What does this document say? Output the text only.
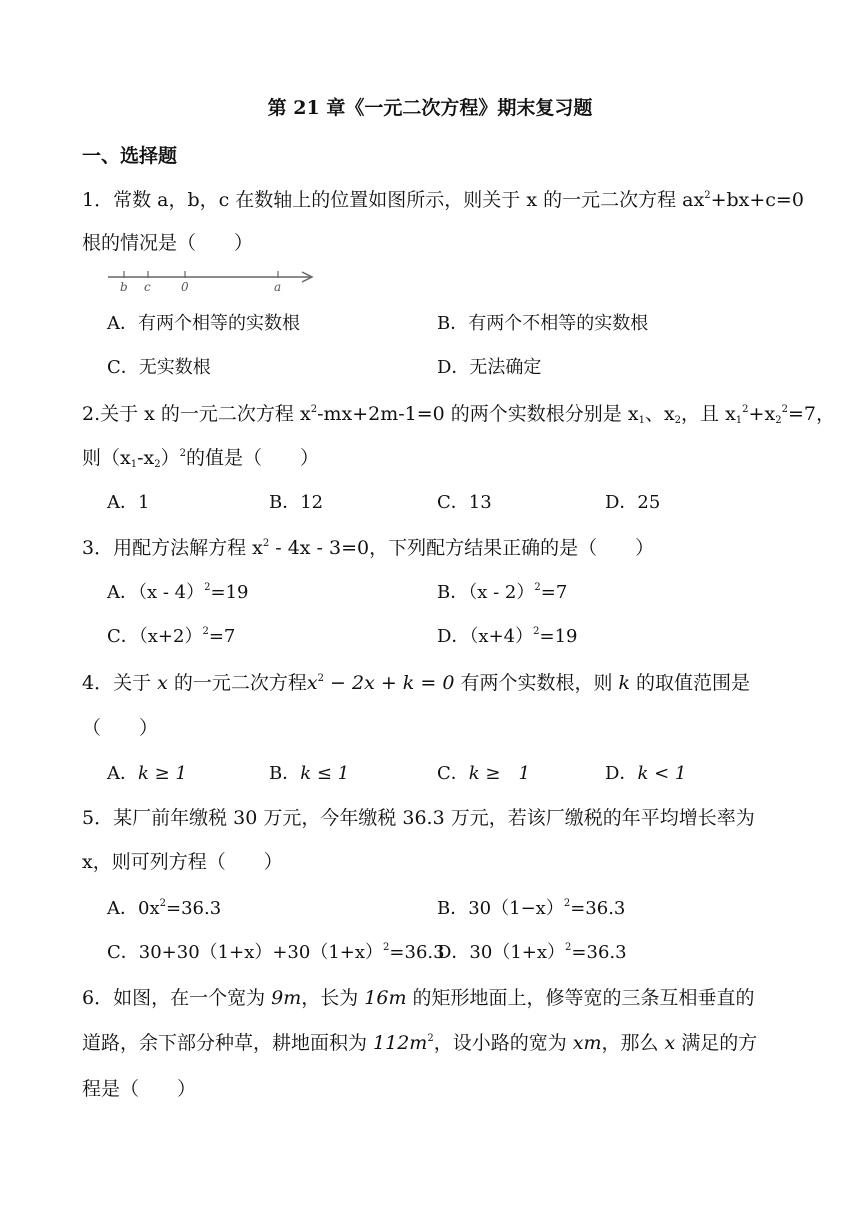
第 21 章《一元二次方程》期末复习题
一、选择题
1．常数 a，b，c 在数轴上的位置如图所示，则关于 x 的一元二次方程 $ax^2+bx+c=0$
根的情况是（　　）
b c	0	a
A．有两个相等的实数根	B．有两个不相等的实数根
C．无实数根	D．无法确定
2.关于 x 的一元二次方程 $x^2-mx+2m-1=0$ 的两个实数根分别是 $x_1$、$x_2$，且 $x_1^2+x_2^2=7$，
则$(x_1-x_2)^2$的值是（　　）
A．1	B．12	C．13	D．25
3．用配方法解方程 $x^2 - 4x - 3=0$，下列配方结果正确的是（　　）
A．（x - 4）$^2$=19	B．（x - 2）$^2$=7
C．$(x+2)^2=7$	D．$(x+4)^2=19$
4．关于 x 的一元二次方程$x^2 - 2x + k = 0$ 有两个实数根，则 k 的取值范围是
（　　）
A．k ≥ 1	B．k ≤ 1	C．k ≥　1	D．k < 1
5．某厂前年缴税 30 万元，今年缴税 36.3 万元，若该厂缴税的年平均增长率为
x，则可列方程（　　）
A．$0x^2=36.3$	B．$30(1-x)^2=36.3$
C．$30+30(1+x)+30(1+x)^2=36.3$
D．$30(1+x)^2=36.3$
6．如图，在一个宽为 9m，长为 16m 的矩形地面上，修等宽的三条互相垂直的
道路，余下部分种草，耕地面积为 $112m^2$，设小路的宽为 xm，那么 x 满足的方
程是（　　）
